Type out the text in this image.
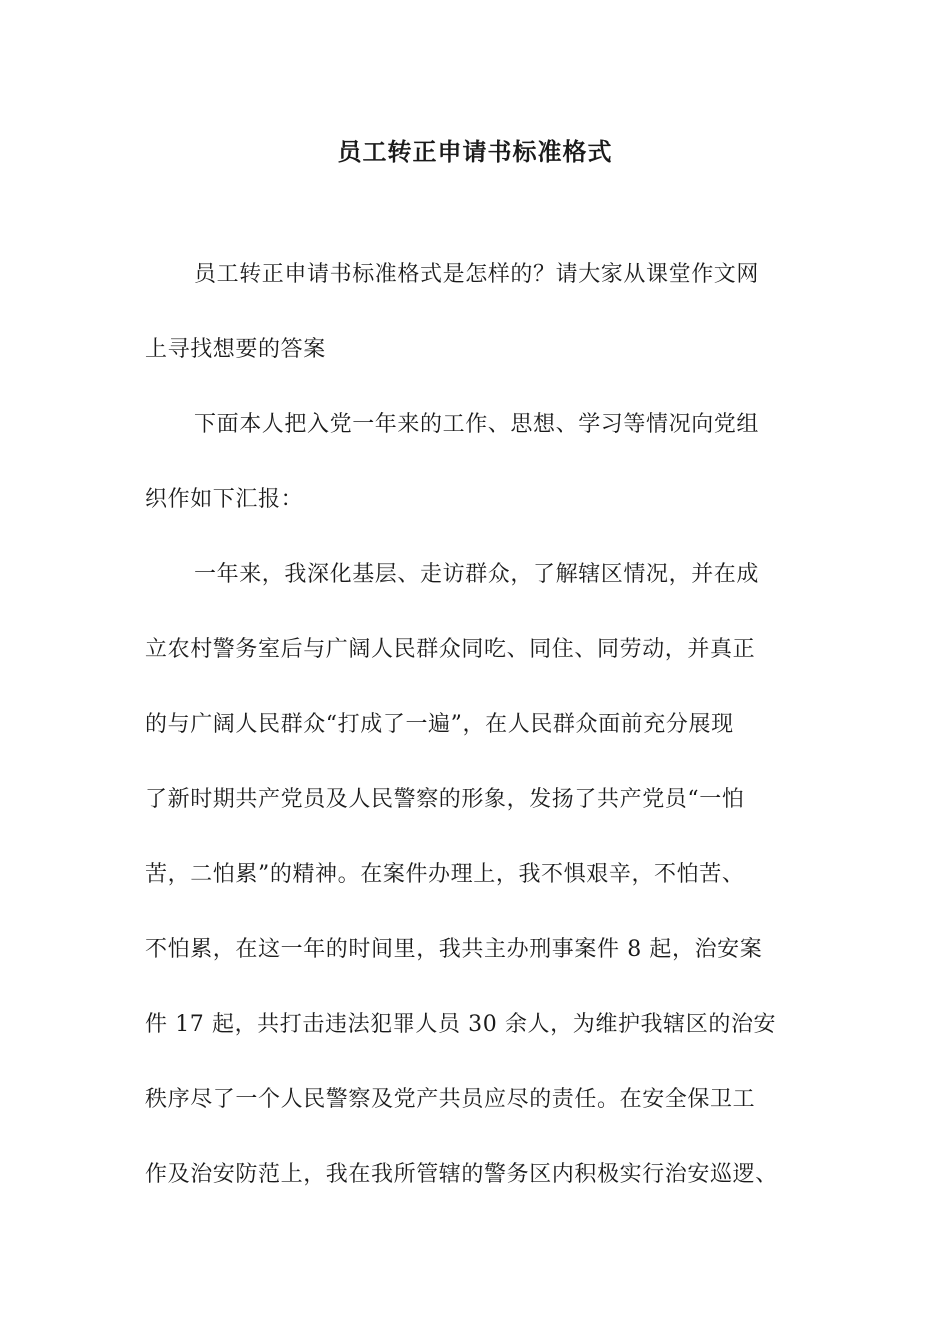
员工转正申请书标准格式
员工转正申请书标准格式是怎样的？请大家从课堂作文网
上寻找想要的答案
下面本人把入党一年来的工作、思想、学习等情况向党组
织作如下汇报：
一年来，我深化基层、走访群众，了解辖区情况，并在成
立农村警务室后与广阔人民群众同吃、同住、同劳动，并真正
的与广阔人民群众“打成了一遍”，在人民群众面前充分展现
了新时期共产党员及人民警察的形象，发扬了共产党员“一怕
苦，二怕累”的精神。在案件办理上，我不惧艰辛，不怕苦、
不怕累，在这一年的时间里，我共主办刑事案件 8 起，治安案
件 17 起，共打击违法犯罪人员 30 余人，为维护我辖区的治安
秩序尽了一个人民警察及党产共员应尽的责任。在安全保卫工
作及治安防范上，我在我所管辖的警务区内积极实行治安巡逻、
